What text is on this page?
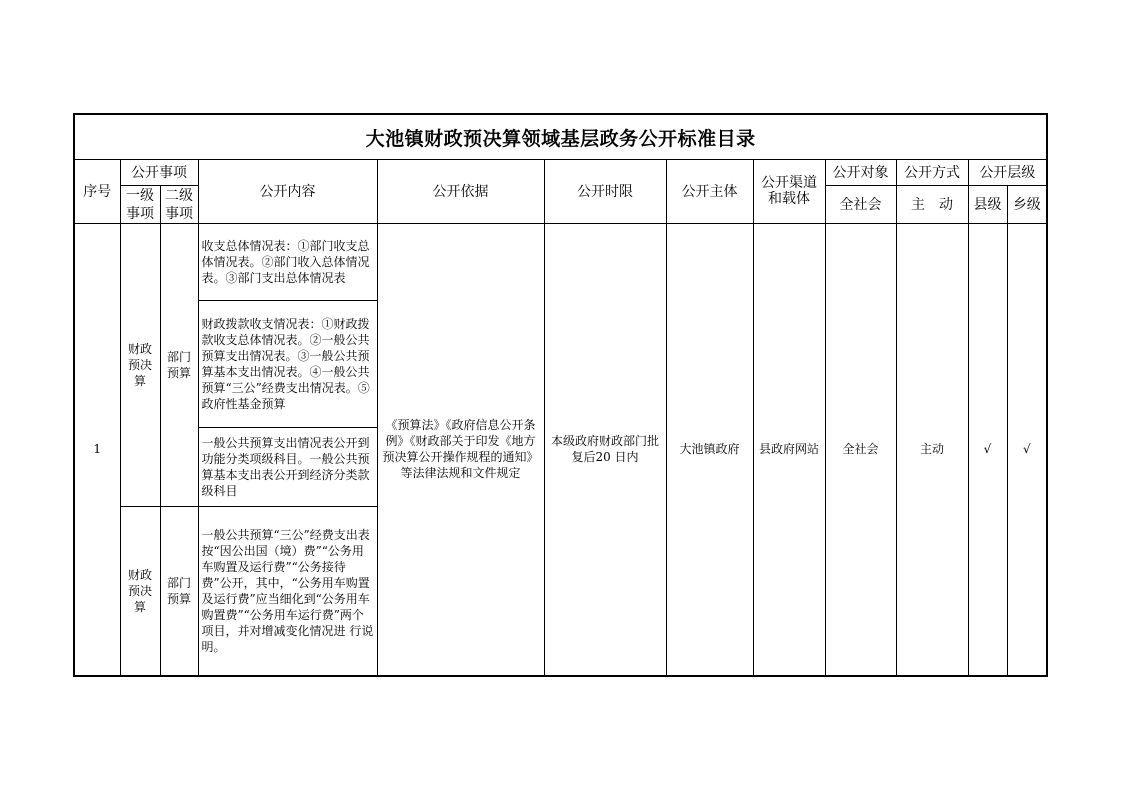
大池镇财政预决算领域基层政务公开标准目录											
序号	公开事项		公开内容	公开依据	公开时限	公开主体	公开渠道和载体	公开对象	公开方式	公开层级	
	一级事项	二级事项						全社会	主　动	县级	乡级
1	财政预决算	部门预算	收支总体情况表：①部门收支总体情况表。②部门收入总体情况表。③部门支出总体情况表	《预算法》《政府信息公开条 例》《财政部关于印发《地方预决算公开操作规程的通知》等法律法规和文件规定	本级政府财政部门批复后20 日内	大池镇政府	县政府网站	全社会	主动	√	√
			财政拨款收支情况表：①财政拨款收支总体情况表。②一般公共预算支出情况表。③一般公共预算基本支出情况表。④一般公共预算“三公”经费支出情况表。⑤政府性基金预算								
			一般公共预算支出情况表公开到功能分类项级科目。一般公共预算基本支出表公开到经济分类款级科目								
	财政预决算	部门预算	一般公共预算“三公”经费支出表按“因公出国（境）费”“公务用车购置及运行费”“公务接待费”公开，其中，“公务用车购置及运行费”应当细化到“公务用车购置费”“公务用车运行费”两个项目，并对增减变化情况进 行说明。								
